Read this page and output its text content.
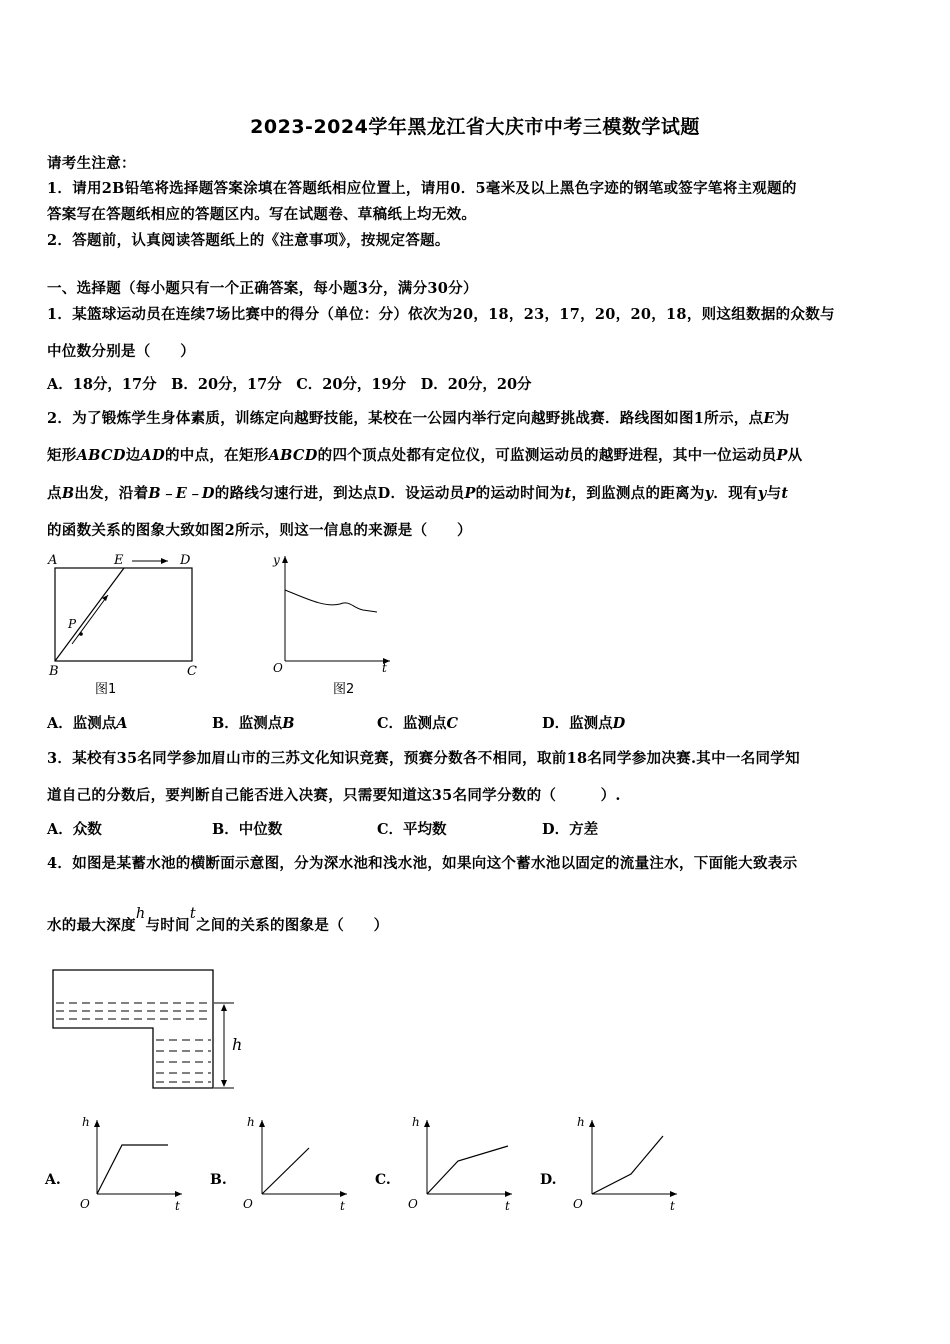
2023-2024学年黑龙江省大庆市中考三模数学试题
请考生注意：
1．请用2B铅笔将选择题答案涂填在答题纸相应位置上，请用0．5毫米及以上黑色字迹的钢笔或签字笔将主观题的
答案写在答题纸相应的答题区内。写在试题卷、草稿纸上均无效。
2．答题前，认真阅读答题纸上的《注意事项》，按规定答题。
一、选择题（每小题只有一个正确答案，每小题3分，满分30分）
1．某篮球运动员在连续7场比赛中的得分（单位：分）依次为20，18，23，17，20，20，18，则这组数据的众数与
中位数分别是（　　）
A．18分，17分　B．20分，17分　C．20分，19分　D．20分，20分
2．为了锻炼学生身体素质，训练定向越野技能，某校在一公园内举行定向越野挑战赛．路线图如图1所示，点E为
矩形ABCD边AD的中点，在矩形ABCD的四个顶点处都有定位仪，可监测运动员的越野进程，其中一位运动员P从
点B出发，沿着B﹣E﹣D的路线匀速行进，到达点D．设运动员P的运动时间为t，到监测点的距离为y．现有y与t
的函数关系的图象大致如图2所示，则这一信息的来源是（　　）
A	E	D
B	C
P
图1
y
O	t
图2
A．监测点A	B．监测点B	C．监测点C	D．监测点D
3．某校有35名同学参加眉山市的三苏文化知识竞赛，预赛分数各不相同，取前18名同学参加决赛.其中一名同学知
道自己的分数后，要判断自己能否进入决赛，只需要知道这35名同学分数的（　　　）.
A．众数	B．中位数	C．平均数	D．方差
4．如图是某蓄水池的横断面示意图，分为深水池和浅水池，如果向这个蓄水池以固定的流量注水，下面能大致表示
水的最大深度h与时间t之间的关系的图象是（　　）
h
A.
h
O	t
B.
h
O	t
C.
h
O	t
D.
h
O	t
